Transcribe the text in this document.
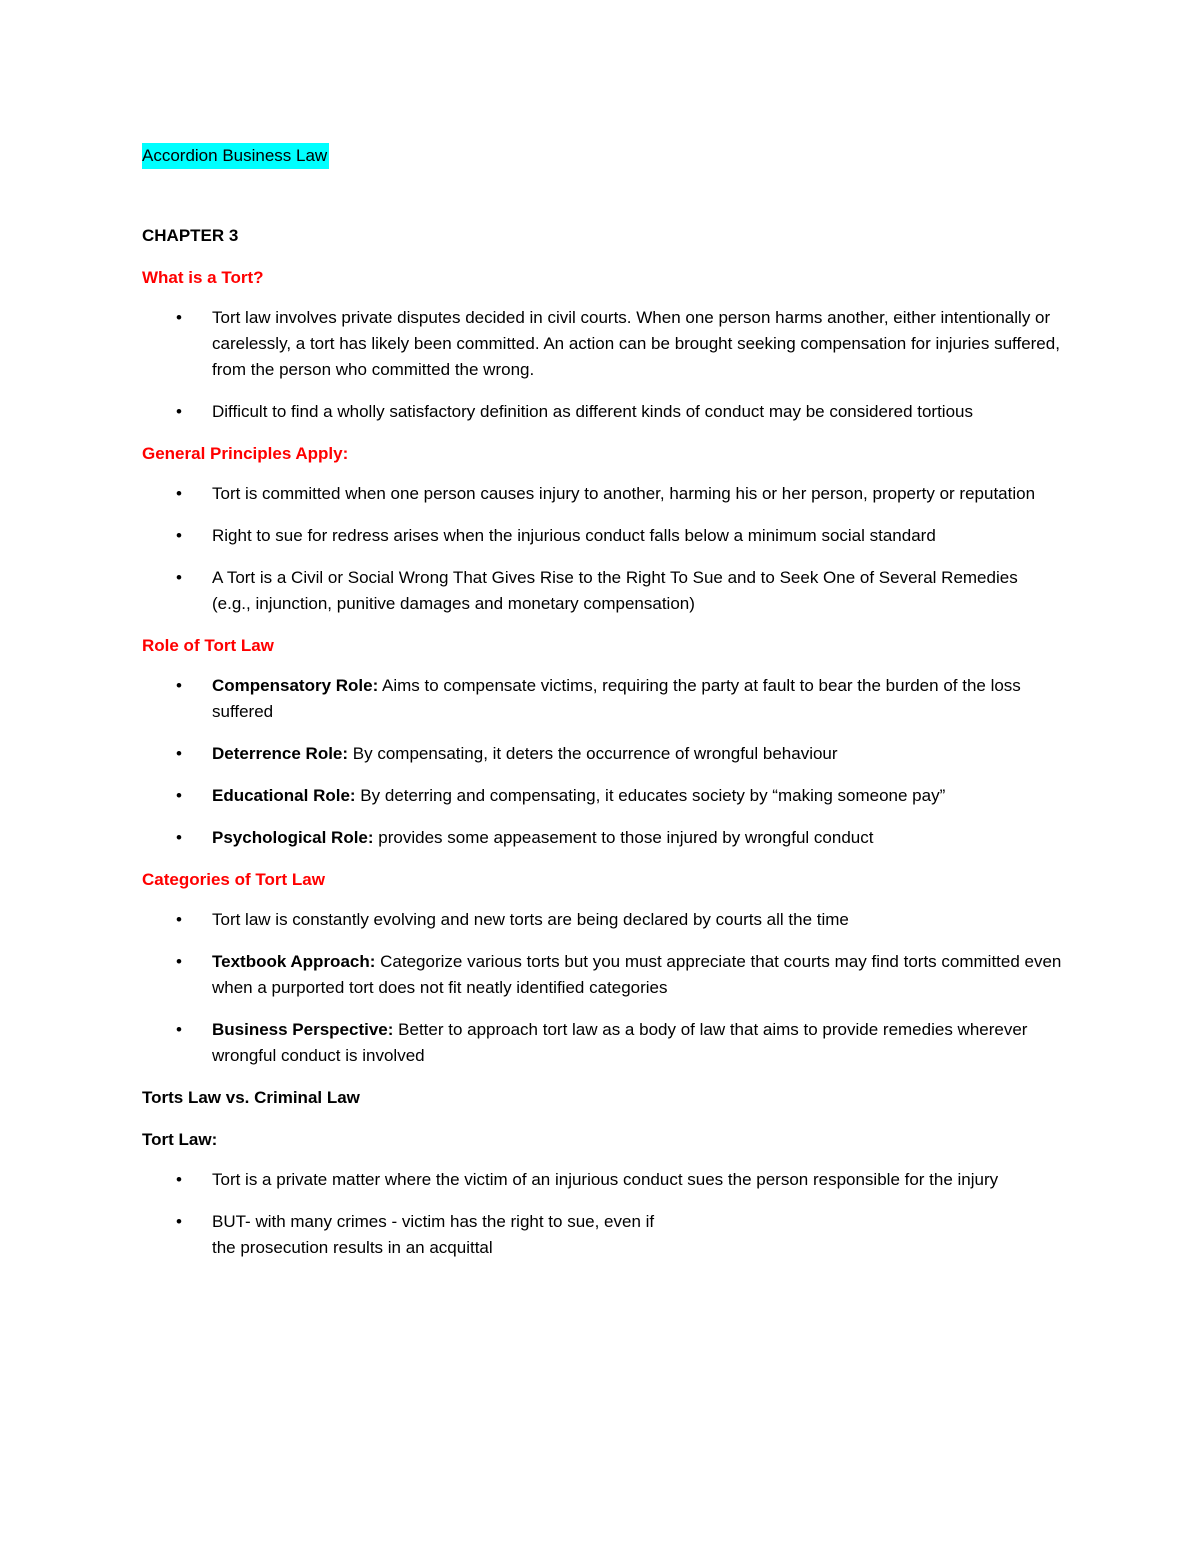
Accordion Business Law
CHAPTER 3
What is a Tort?
• Tort law involves private disputes decided in civil courts. When one person harms another, either intentionally or carelessly, a tort has likely been committed. An action can be brought seeking compensation for injuries suffered, from the person who committed the wrong.
• Difficult to find a wholly satisfactory definition as different kinds of conduct may be considered tortious
General Principles Apply:
• Tort is committed when one person causes injury to another, harming his or her person, property or reputation
• Right to sue for redress arises when the injurious conduct falls below a minimum social standard
• A Tort is a Civil or Social Wrong That Gives Rise to the Right To Sue and to Seek One of Several Remedies
(e.g., injunction, punitive damages and monetary compensation)
Role of Tort Law
• Compensatory Role: Aims to compensate victims, requiring the party at fault to bear the burden of the loss suffered
• Deterrence Role: By compensating, it deters the occurrence of wrongful behaviour
• Educational Role: By deterring and compensating, it educates society by “making someone pay”
• Psychological Role: provides some appeasement to those injured by wrongful conduct
Categories of Tort Law
• Tort law is constantly evolving and new torts are being declared by courts all the time
• Textbook Approach: Categorize various torts but you must appreciate that courts may find torts committed even when a purported tort does not fit neatly identified categories
• Business Perspective: Better to approach tort law as a body of law that aims to provide remedies wherever wrongful conduct is involved
Torts Law vs. Criminal Law
Tort Law:
• Tort is a private matter where the victim of an injurious conduct sues the person responsible for the injury
• BUT- with many crimes - victim has the right to sue, even if
the prosecution results in an acquittal
